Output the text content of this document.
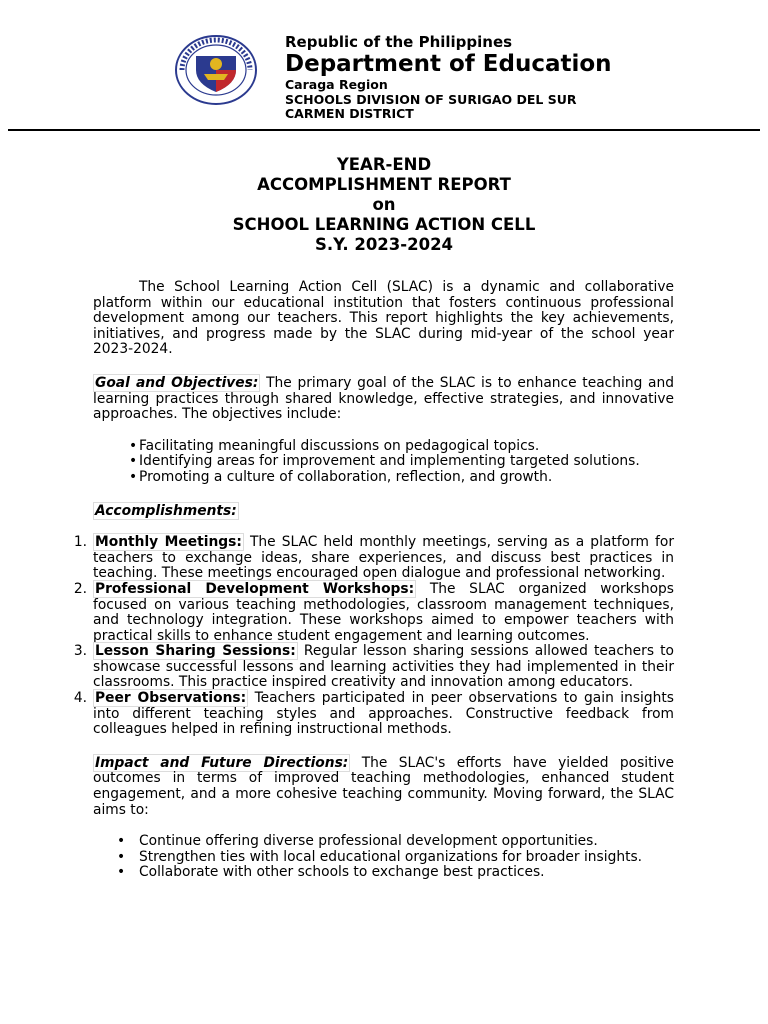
Republic of the Philippines
Department of Education
Caraga Region
SCHOOLS DIVISION OF SURIGAO DEL SUR
CARMEN DISTRICT
YEAR-END
ACCOMPLISHMENT REPORT
on
SCHOOL LEARNING ACTION CELL
S.Y. 2023-2024

The School Learning Action Cell (SLAC) is a dynamic and collaborative platform within our educational institution that fosters continuous professional development among our teachers. This report highlights the key achievements, initiatives, and progress made by the SLAC during mid-year of the school year 2023-2024.

Goal and Objectives: The primary goal of the SLAC is to enhance teaching and learning practices through shared knowledge, effective strategies, and innovative approaches. The objectives include:

• Facilitating meaningful discussions on pedagogical topics.
• Identifying areas for improvement and implementing targeted solutions.
• Promoting a culture of collaboration, reflection, and growth.

Accomplishments:

1. Monthly Meetings: The SLAC held monthly meetings, serving as a platform for teachers to exchange ideas, share experiences, and discuss best practices in teaching. These meetings encouraged open dialogue and professional networking.
2. Professional Development Workshops: The SLAC organized workshops focused on various teaching methodologies, classroom management techniques, and technology integration. These workshops aimed to empower teachers with practical skills to enhance student engagement and learning outcomes.
3. Lesson Sharing Sessions: Regular lesson sharing sessions allowed teachers to showcase successful lessons and learning activities they had implemented in their classrooms. This practice inspired creativity and innovation among educators.
4. Peer Observations: Teachers participated in peer observations to gain insights into different teaching styles and approaches. Constructive feedback from colleagues helped in refining instructional methods.

Impact and Future Directions: The SLAC's efforts have yielded positive outcomes in terms of improved teaching methodologies, enhanced student engagement, and a more cohesive teaching community. Moving forward, the SLAC aims to:

• Continue offering diverse professional development opportunities.
• Strengthen ties with local educational organizations for broader insights.
• Collaborate with other schools to exchange best practices.
